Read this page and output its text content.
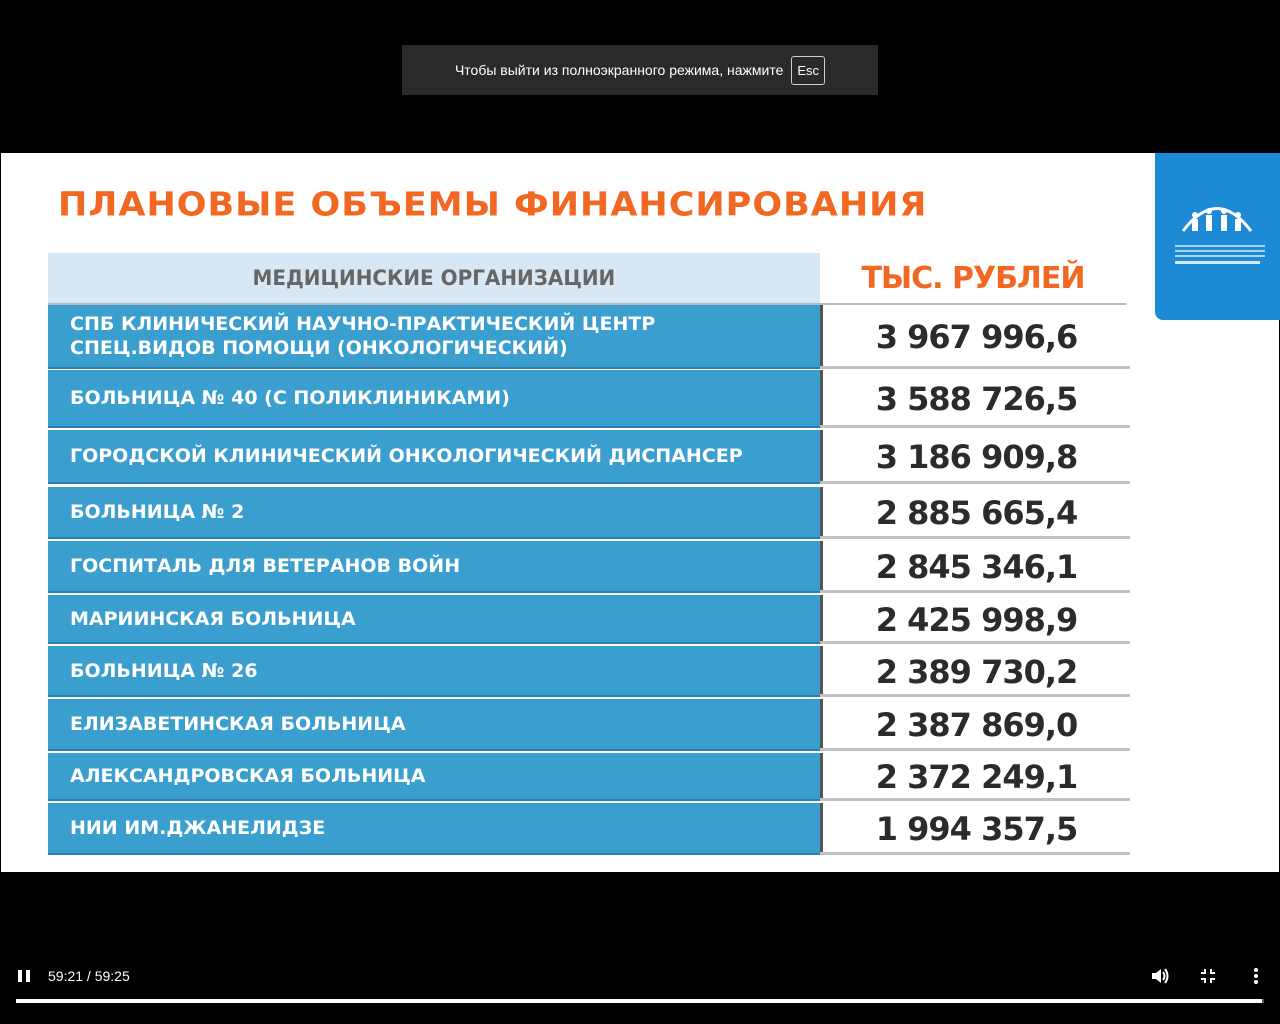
Чтобы выйти из полноэкранного режима, нажмите	Esc
ПЛАНОВЫЕ ОБЪЕМЫ ФИНАНСИРОВАНИЯ
МЕДИЦИНСКИЕ ОРГАНИЗАЦИИ	ТЫС. РУБЛЕЙ
СПБ КЛИНИЧЕСКИЙ НАУЧНО-ПРАКТИЧЕСКИЙ ЦЕНТР
СПЕЦ.ВИДОВ ПОМОЩИ (ОНКОЛОГИЧЕСКИЙ)	3 967 996,6
БОЛЬНИЦА № 40 (С ПОЛИКЛИНИКАМИ)	3 588 726,5
ГОРОДСКОЙ КЛИНИЧЕСКИЙ ОНКОЛОГИЧЕСКИЙ ДИСПАНСЕР	3 186 909,8
БОЛЬНИЦА № 2	2 885 665,4
ГОСПИТАЛЬ ДЛЯ ВЕТЕРАНОВ ВОЙН	2 845 346,1
МАРИИНСКАЯ БОЛЬНИЦА	2 425 998,9
БОЛЬНИЦА № 26	2 389 730,2
ЕЛИЗАВЕТИНСКАЯ БОЛЬНИЦА	2 387 869,0
АЛЕКСАНДРОВСКАЯ БОЛЬНИЦА	2 372 249,1
НИИ ИМ.ДЖАНЕЛИДЗЕ	1 994 357,5
59:21 / 59:25
